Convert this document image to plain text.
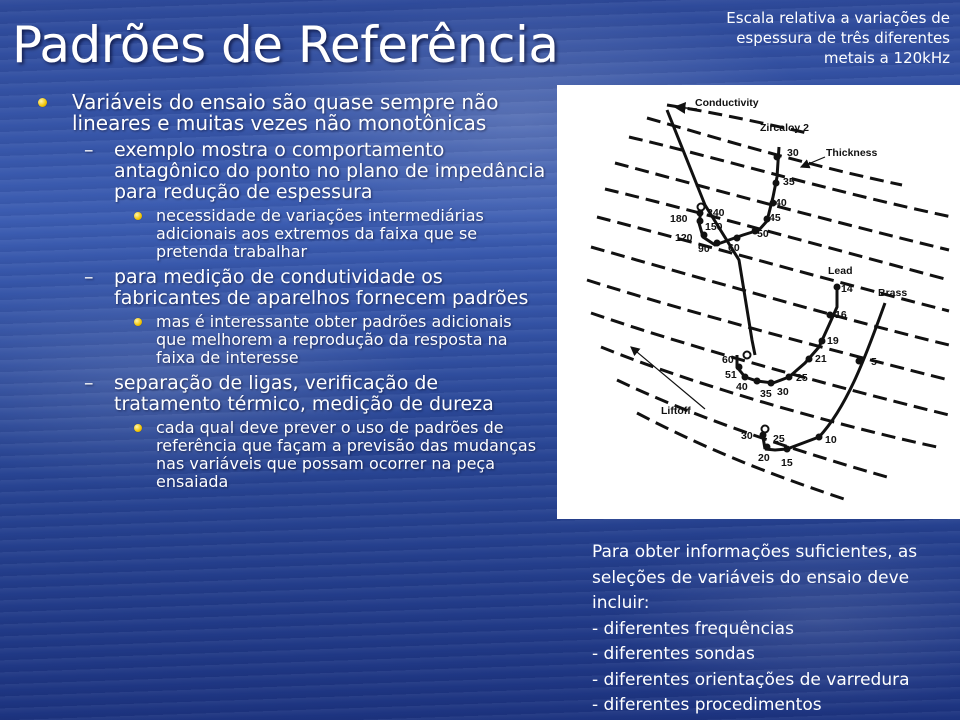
Padrões de Referência	Escala relativa a variações de
espessura de três diferentes
metais a 120kHz
Variáveis do ensaio são quase sempre não lineares e muitas vezes não monotônicas
– exemplo mostra o comportamento antagônico do ponto no plano de impedância para redução de espessura
necessidade de variações intermediárias adicionais aos extremos da faixa que se pretenda trabalhar
– para medição de condutividade os fabricantes de aparelhos fornecem padrões
mas é interessante obter padrões adicionais que melhorem a reprodução da resposta na faixa de interesse
– separação de ligas, verificação de tratamento térmico, medição de dureza
cada qual deve prever o uso de padrões de referência que façam a previsão das mudanças nas variáveis que possam ocorrer na peça ensaiada
Conductivity
Zircaloy 2
Thickness
Lead
Brass
Liftoff
30
35
40
45
50
60
90
120
150
180 240
14
16
19
21
25
30
35
40
51
60	5
10
15
20
25
30
Para obter informações suficientes, as
seleções de variáveis do ensaio deve
incluir:
- diferentes frequências
- diferentes sondas
- diferentes orientações de varredura
- diferentes procedimentos
